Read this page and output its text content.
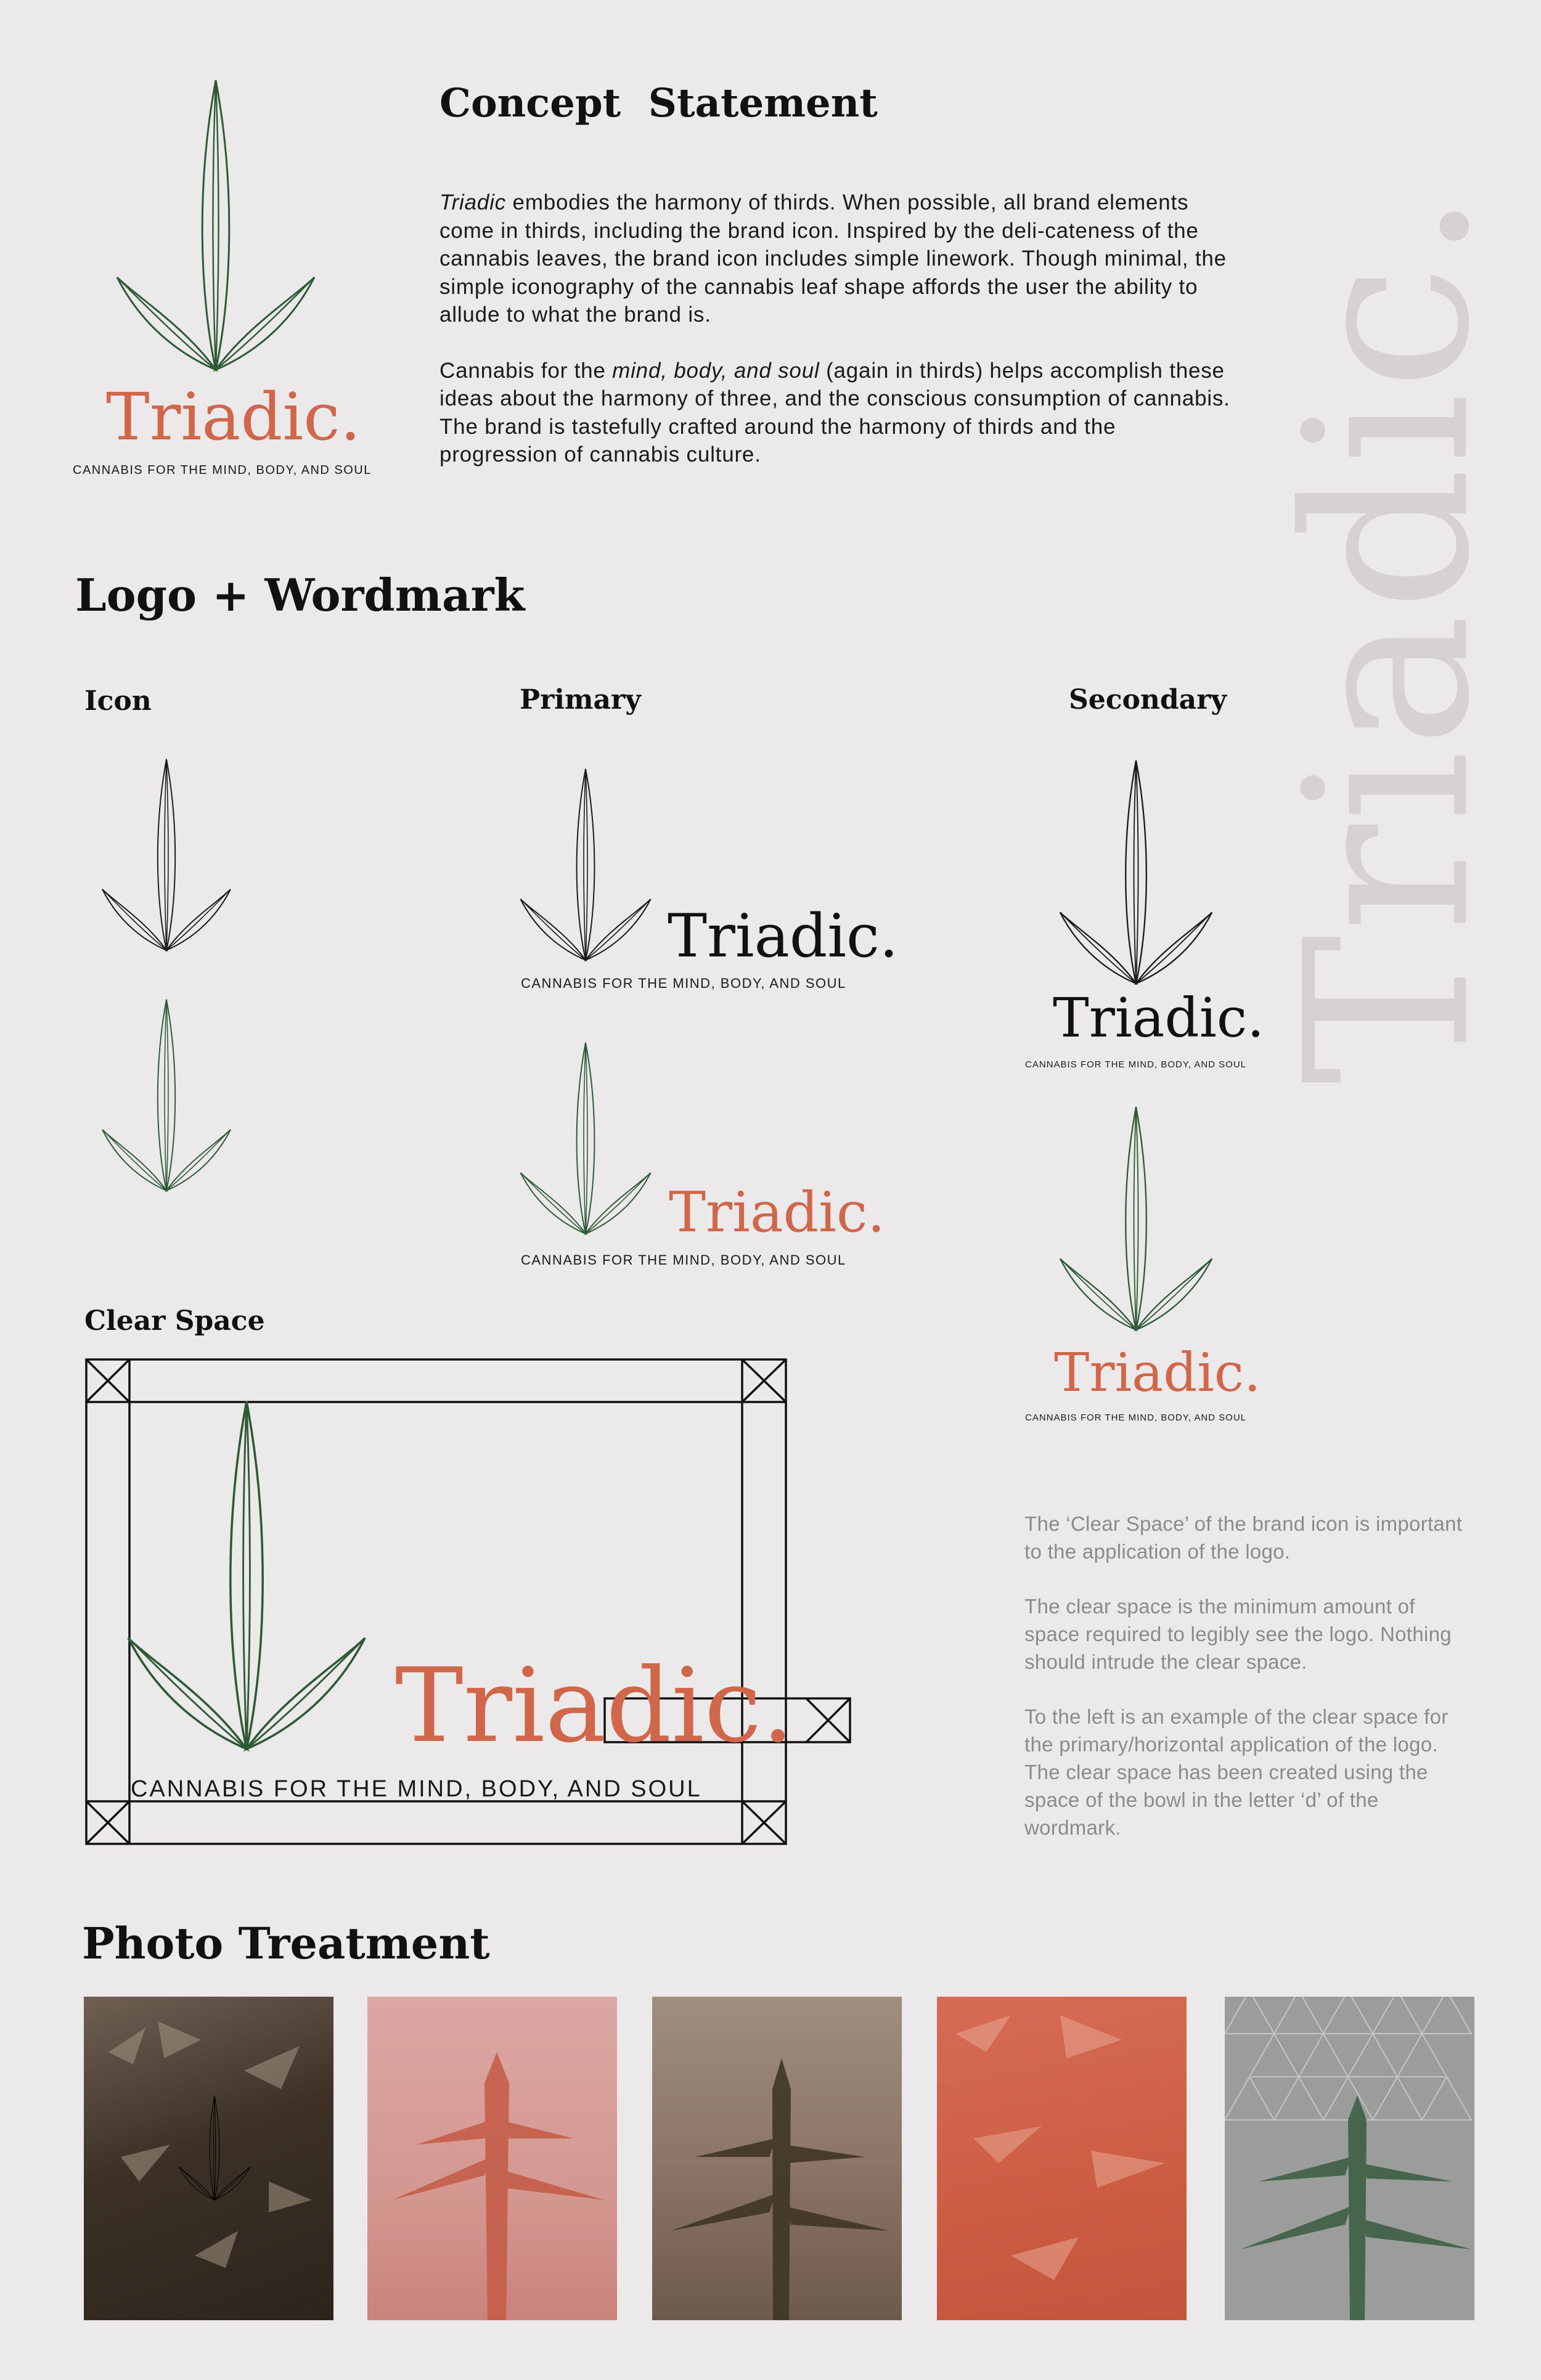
Triadic.
Triadic.
CANNABIS FOR THE MIND, BODY, AND SOUL
Concept  Statement

Triadic embodies the harmony of thirds. When possible, all brand elements come in thirds, including the brand icon. Inspired by the deli-cateness of the cannabis leaves, the brand icon includes simple linework. Though minimal, the simple iconography of the cannabis leaf shape affords the user the ability to allude to what the brand is.

Cannabis for the mind, body, and soul (again in thirds) helps accomplish these ideas about the harmony of three, and the conscious consumption of cannabis. The brand is tastefully crafted around the harmony of thirds and the progression of cannabis culture.

Logo + Wordmark
Icon	Primary	Secondary
Triadic.
CANNABIS FOR THE MIND, BODY, AND SOUL
Triadic.
CANNABIS FOR THE MIND, BODY, AND SOUL
Triadic.
CANNABIS FOR THE MIND, BODY, AND SOUL
Triadic.
CANNABIS FOR THE MIND, BODY, AND SOUL
Clear Space
Triadic.
CANNABIS FOR THE MIND, BODY, AND SOUL

The ‘Clear Space’ of the brand icon is important to the application of the logo.

The clear space is the minimum amount of space required to legibly see the logo. Nothing should intrude the clear space.

To the left is an example of the clear space for the primary/horizontal application of the logo. The clear space has been created using the space of the bowl in the letter ‘d’ of the wordmark.

Photo Treatment
